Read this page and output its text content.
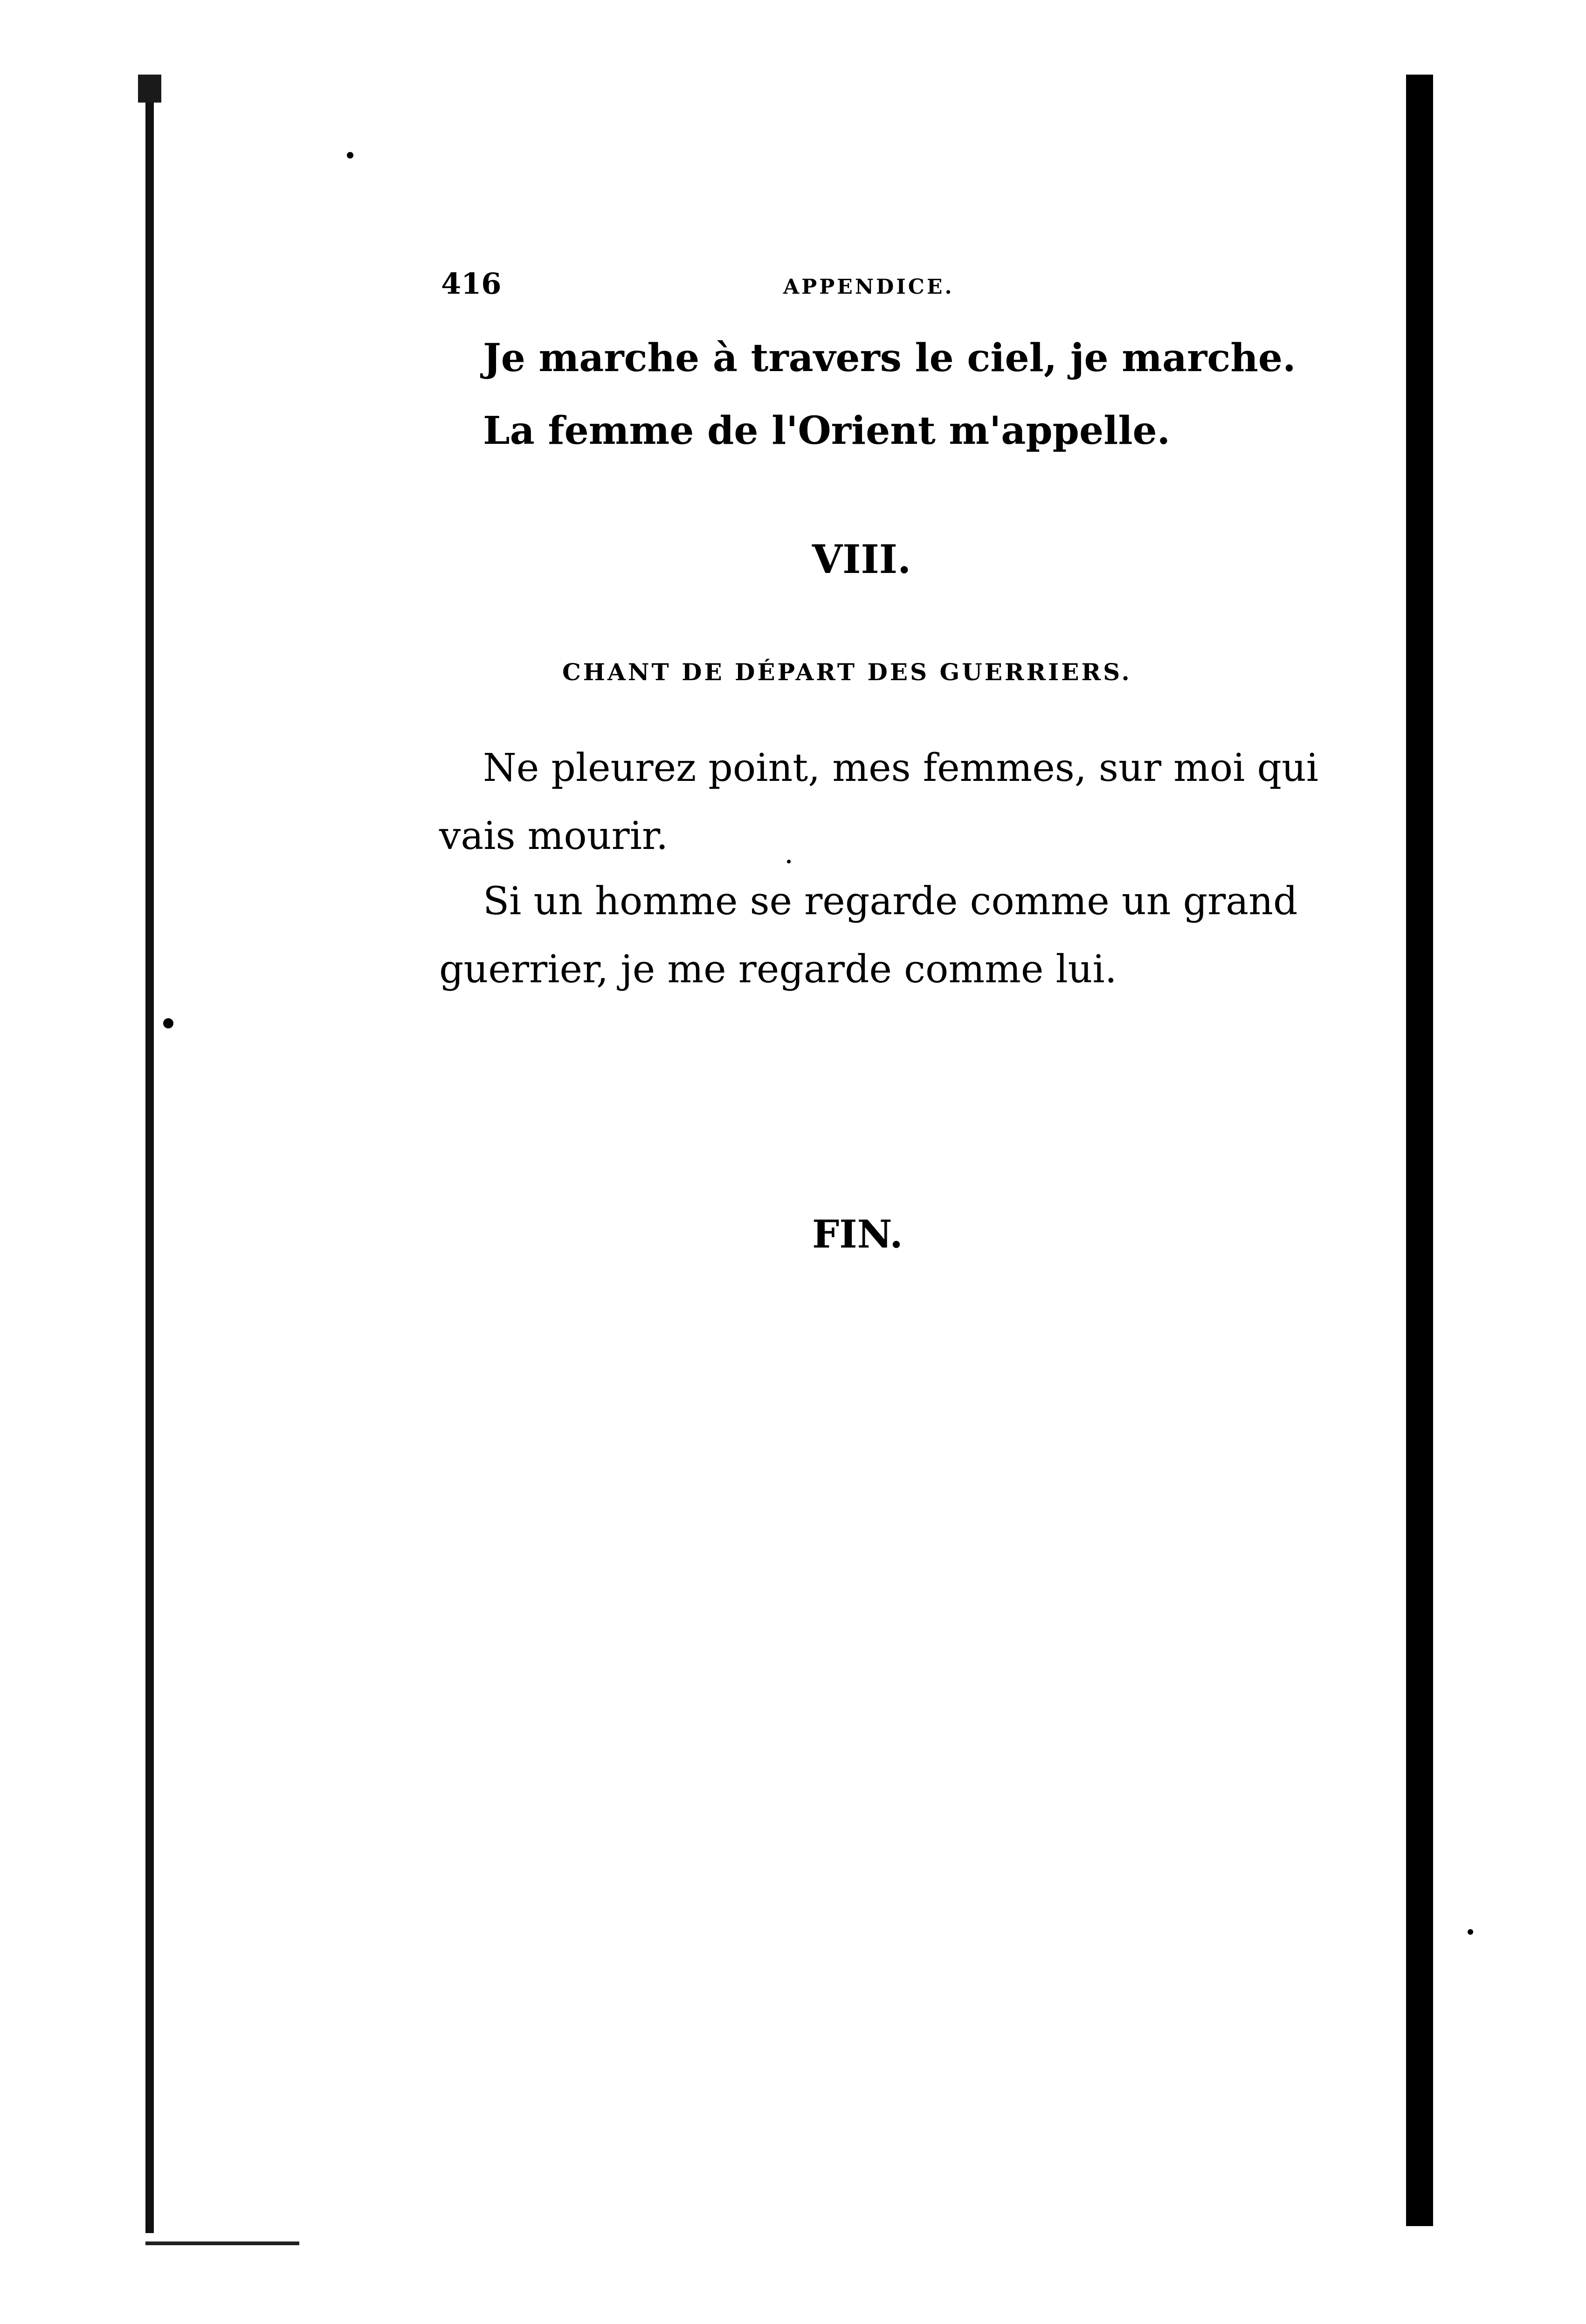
416	APPENDICE.
Je marche à travers le ciel, je marche.
La femme de l'Orient m'appelle.
VIII.
CHANT DE DÉPART DES GUERRIERS.
Ne pleurez point, mes femmes, sur moi qui
vais mourir.
Si un homme se regarde comme un grand
guerrier, je me regarde comme lui.
FIN.
